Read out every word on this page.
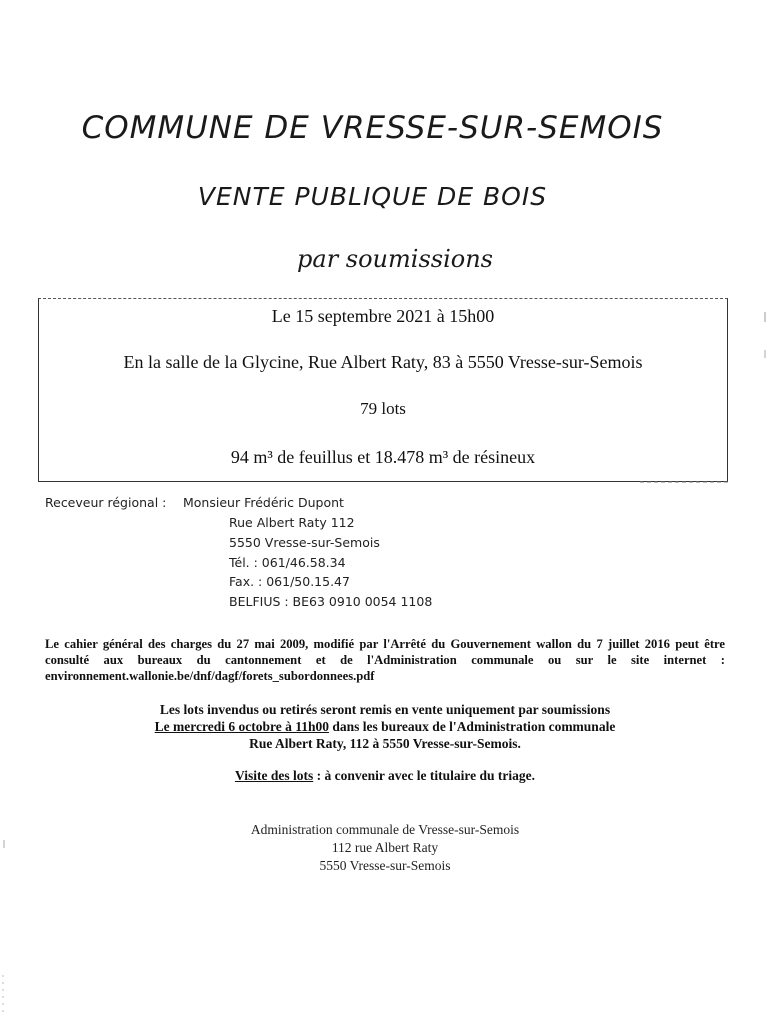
COMMUNE DE VRESSE-SUR-SEMOIS
VENTE PUBLIQUE DE BOIS
par soumissions
Le 15 septembre 2021 à 15h00
En la salle de la Glycine, Rue Albert Raty, 83 à 5550 Vresse-sur-Semois
79 lots
94 m³ de feuillus et 18.478 m³ de résineux
Receveur régional : Monsieur Frédéric Dupont
Rue Albert Raty 112
5550 Vresse-sur-Semois
Tél. : 061/46.58.34
Fax. : 061/50.15.47
BELFIUS : BE63 0910 0054 1108
Le cahier général des charges du 27 mai 2009, modifié par l'Arrêté du Gouvernement wallon du 7 juillet 2016 peut être consulté aux bureaux du cantonnement et de l'Administration communale ou sur le site internet : environnement.wallonie.be/dnf/dagf/forets_subordonnees.pdf
Les lots invendus ou retirés seront remis en vente uniquement par soumissions
Le mercredi 6 octobre à 11h00 dans les bureaux de l'Administration communale
Rue Albert Raty, 112 à 5550 Vresse-sur-Semois.
Visite des lots : à convenir avec le titulaire du triage.
Administration communale de Vresse-sur-Semois
112 rue Albert Raty
5550 Vresse-sur-Semois
